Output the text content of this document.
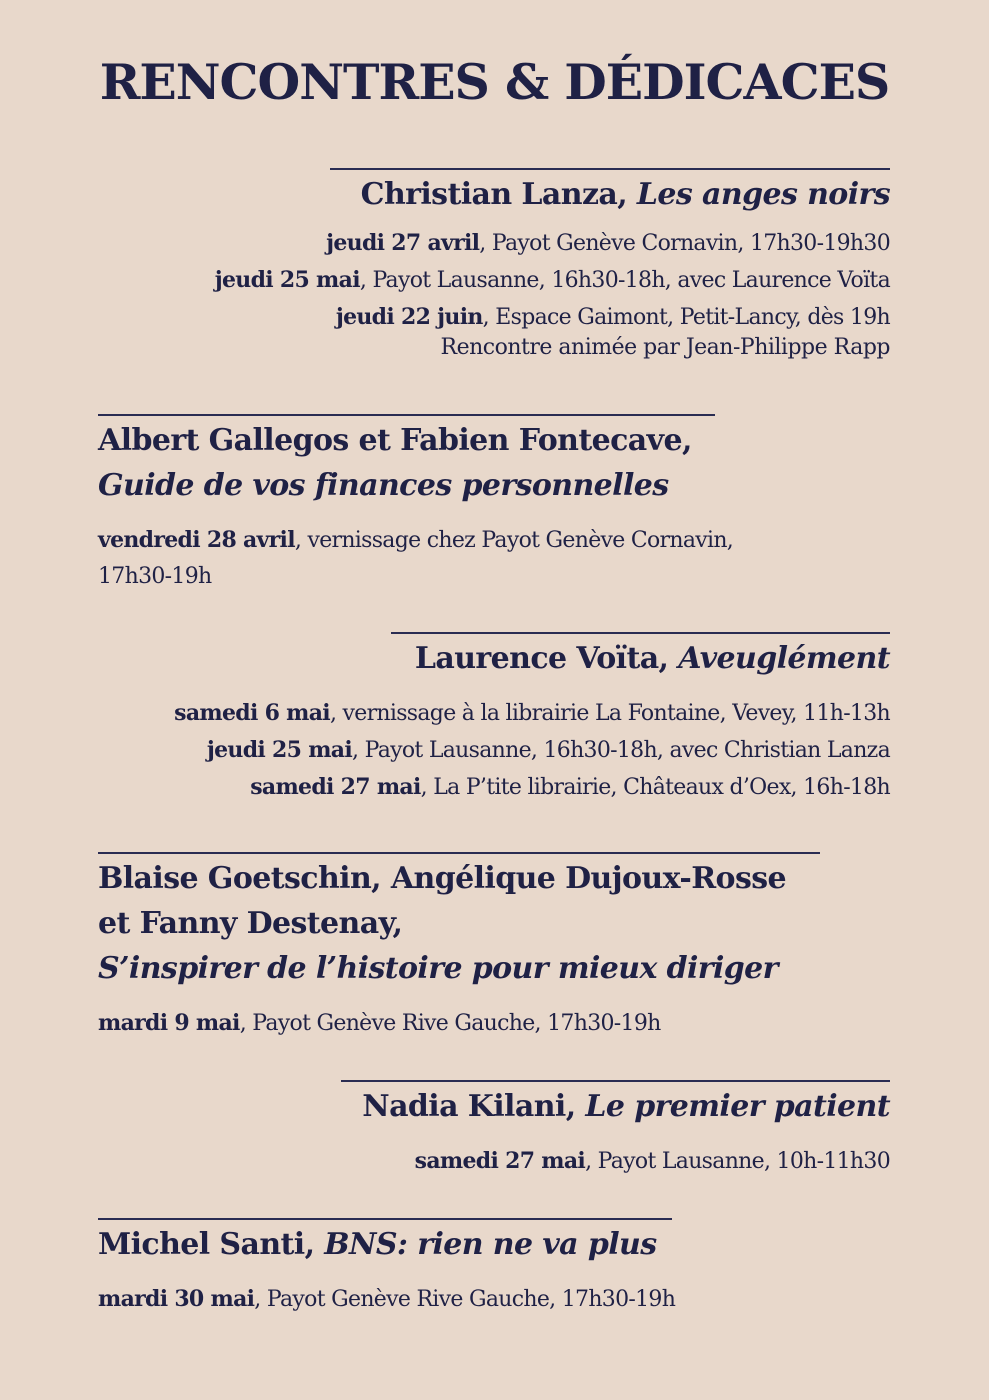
RENCONTRES & DÉDICACES
Christian Lanza, Les anges noirs
jeudi 27 avril, Payot Genève Cornavin, 17h30-19h30
jeudi 25 mai, Payot Lausanne, 16h30-18h, avec Laurence Voïta
jeudi 22 juin, Espace Gaimont, Petit-Lancy, dès 19h
Rencontre animée par Jean-Philippe Rapp
Albert Gallegos et Fabien Fontecave,
Guide de vos finances personnelles
vendredi 28 avril, vernissage chez Payot Genève Cornavin,
17h30-19h
Laurence Voïta, Aveuglément
samedi 6 mai, vernissage à la librairie La Fontaine, Vevey, 11h-13h
jeudi 25 mai, Payot Lausanne, 16h30-18h, avec Christian Lanza
samedi 27 mai, La P’tite librairie, Châteaux d’Oex, 16h-18h
Blaise Goetschin, Angélique Dujoux-Rosse
et Fanny Destenay,
S’inspirer de l’histoire pour mieux diriger
mardi 9 mai, Payot Genève Rive Gauche, 17h30-19h
Nadia Kilani, Le premier patient
samedi 27 mai, Payot Lausanne, 10h-11h30
Michel Santi, BNS: rien ne va plus
mardi 30 mai, Payot Genève Rive Gauche, 17h30-19h
